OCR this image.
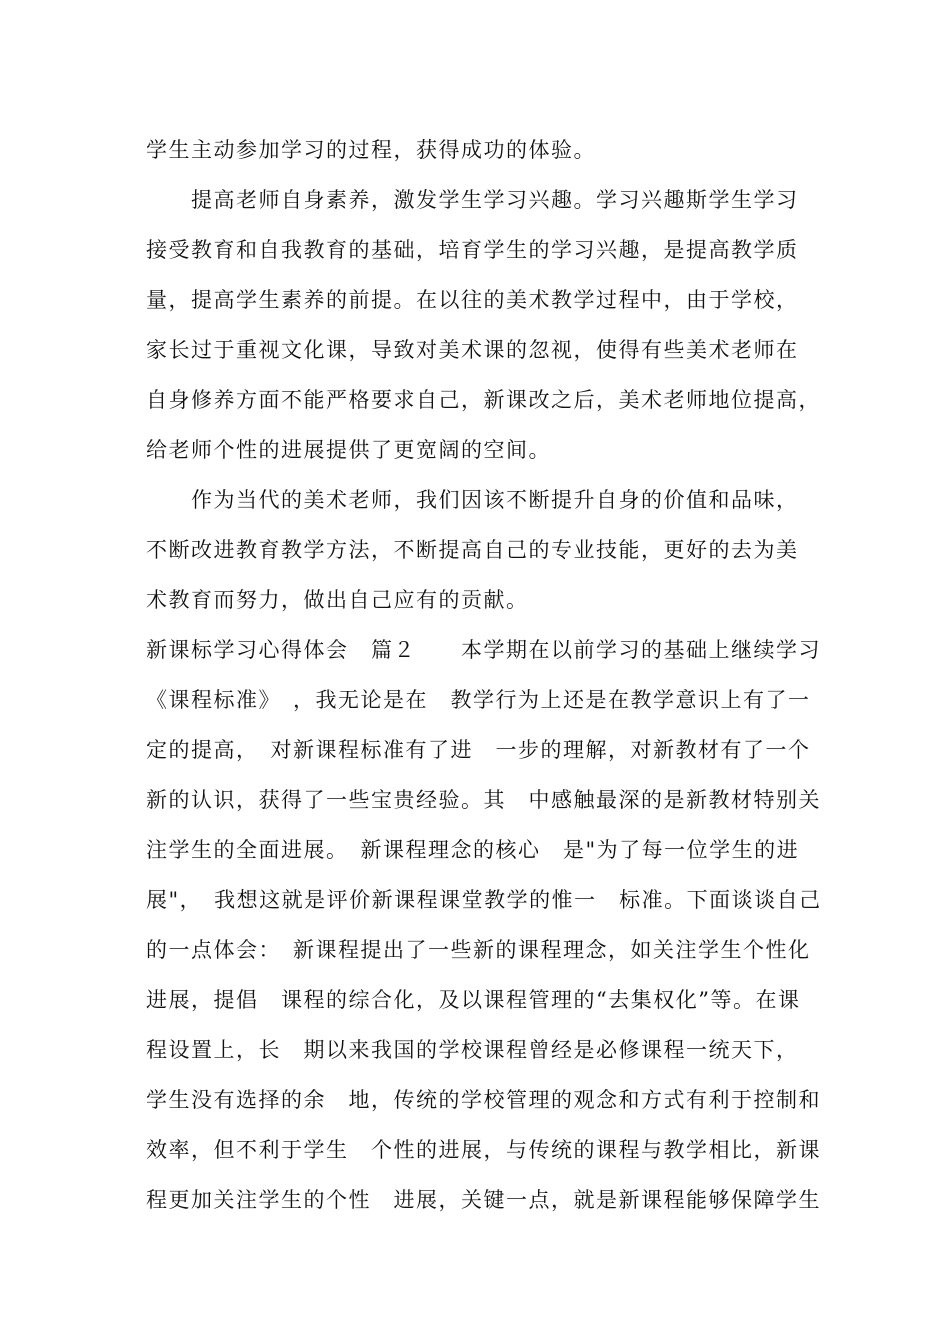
学生主动参加学习的过程，获得成功的体验。
　　提高老师自身素养，激发学生学习兴趣。学习兴趣斯学生学习
接受教育和自我教育的基础，培育学生的学习兴趣，是提高教学质
量，提高学生素养的前提。在以往的美术教学过程中，由于学校，
家长过于重视文化课，导致对美术课的忽视，使得有些美术老师在
自身修养方面不能严格要求自己，新课改之后，美术老师地位提高，
给老师个性的进展提供了更宽阔的空间。
　　作为当代的美术老师，我们因该不断提升自身的价值和品味，
不断改进教育教学方法，不断提高自己的专业技能，更好的去为美
术教育而努力，做出自己应有的贡献。
新课标学习心得体会　篇２　　本学期在以前学习的基础上继续学习
《课程标准》　，我无论是在　教学行为上还是在教学意识上有了一
定的提高，　对新课程标准有了进　一步的理解，对新教材有了一个
新的认识，获得了一些宝贵经验。其　中感触最深的是新教材特别关
注学生的全面进展。　新课程理念的核心　是"为了每一位学生的进
展"，　我想这就是评价新课程课堂教学的惟一　标准。下面谈谈自己
的一点体会：　新课程提出了一些新的课程理念，如关注学生个性化
进展，提倡　课程的综合化，及以课程管理的“去集权化”等。在课
程设置上，长　期以来我国的学校课程曾经是必修课程一统天下，
学生没有选择的余　地，传统的学校管理的观念和方式有利于控制和
效率，但不利于学生　个性的进展，与传统的课程与教学相比，新课
程更加关注学生的个性　进展，关键一点，就是新课程能够保障学生
